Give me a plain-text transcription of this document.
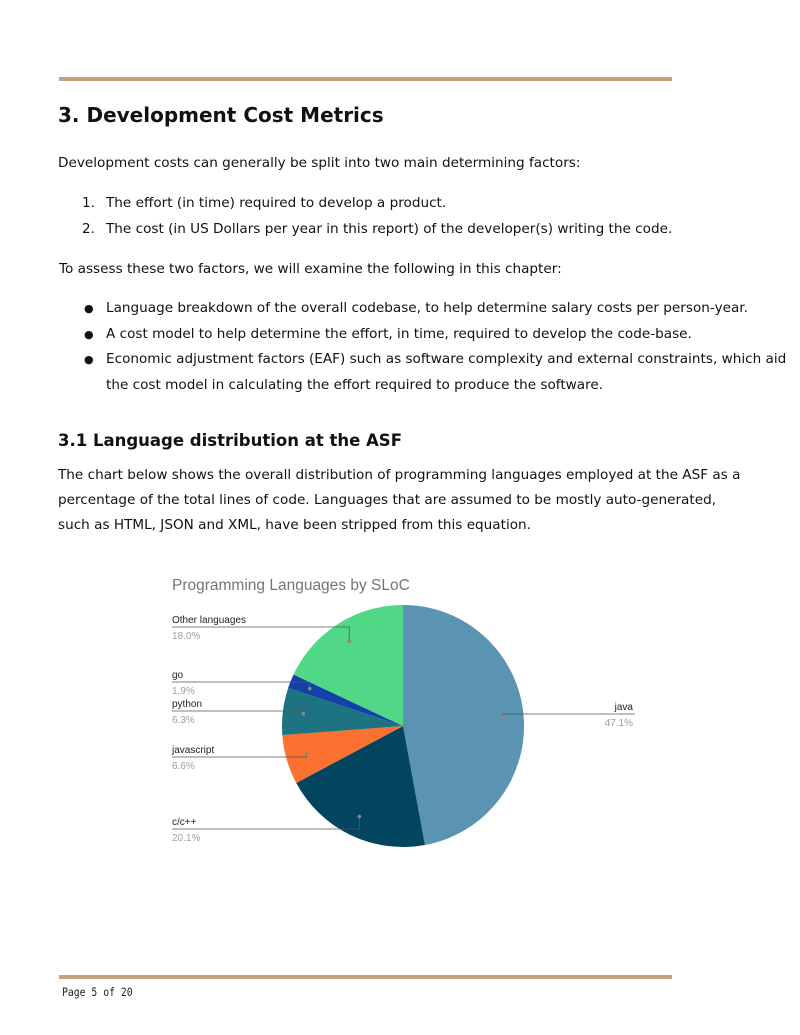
3. Development Cost Metrics

Development costs can generally be split into two main determining factors:

1. The effort (in time) required to develop a product.
2. The cost (in US Dollars per year in this report) of the developer(s) writing the code.

To assess these two factors, we will examine the following in this chapter:

● Language breakdown of the overall codebase, to help determine salary costs per person-year.
● A cost model to help determine the effort, in time, required to develop the code-base.
● Economic adjustment factors (EAF) such as software complexity and external constraints, which aid the cost model in calculating the effort required to produce the software.
3.1 Language distribution at the ASF

The chart below shows the overall distribution of programming languages employed at the ASF as a percentage of the total lines of code. Languages that are assumed to be mostly auto-generated, such as HTML, JSON and XML, have been stripped from this equation.

Programming Languages by SLoC
java
47.1%
c/c++
20.1%
javascript
6.6%
python
6.3%
go
1.9%
Other languages
18.0%
Page 5 of 20
